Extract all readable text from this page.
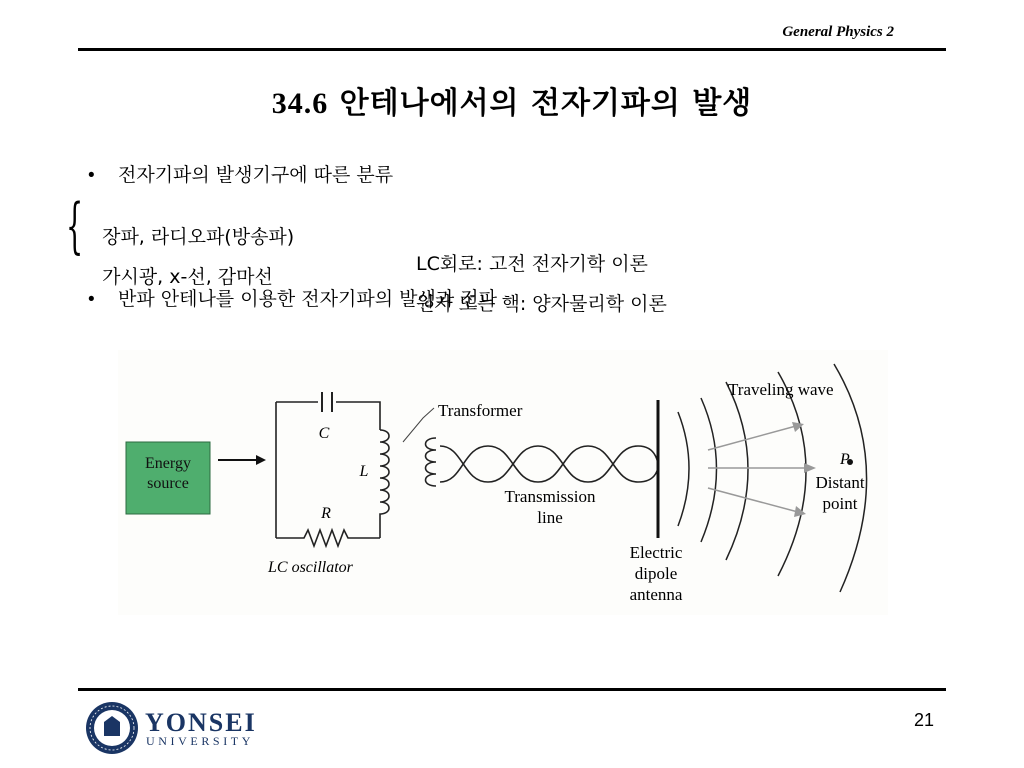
General Physics 2
34.6 안테나에서의 전자기파의 발생
• 전자기파의 발생기구에 따른 분류
{ 장파, 라디오파(방송파)

LC회로: 고전 전자기학 이론

가시광, x-선, 감마선

원자 또는 핵: 양자물리학 이론

• 반파 안테나를 이용한 전자기파의 발생과 전파
Energy
source
C
L
R
LC oscillator
Transformer
Transmission
line
Electric
dipole
antenna
Traveling wave
P
Distant
point
YONSEI
UNIVERSITY
21
